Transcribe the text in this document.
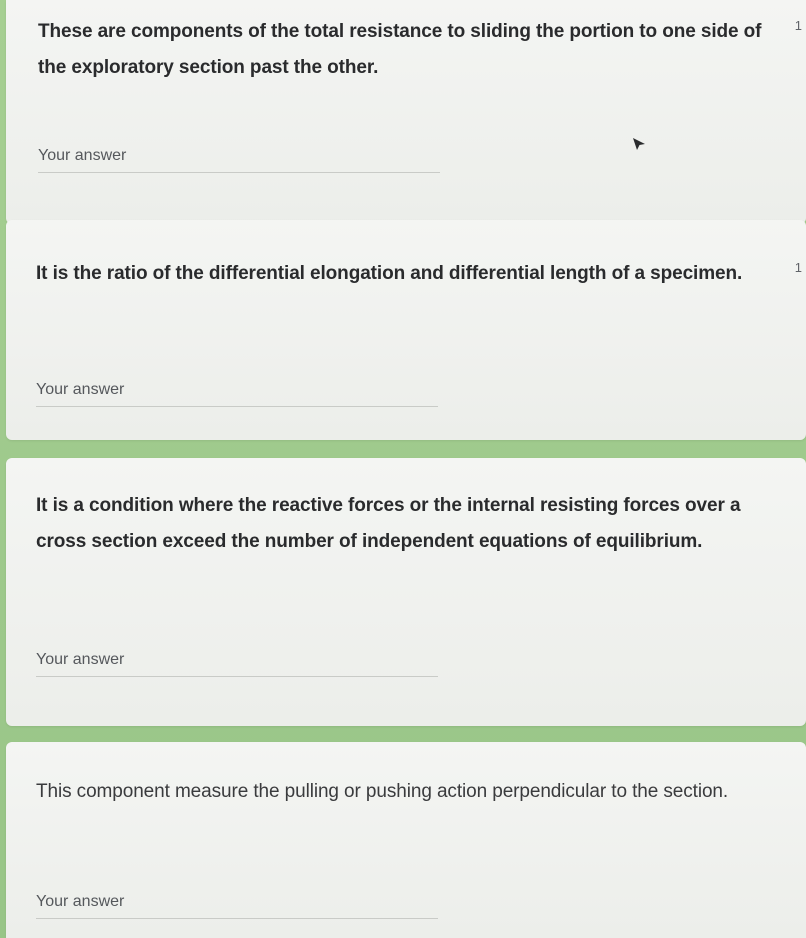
These are components of the total resistance to sliding the portion to one side of the exploratory section past the other.
1
Your answer
It is the ratio of the differential elongation and differential length of a specimen.	1
Your answer
It is a condition where the reactive forces or the internal resisting forces over a cross section exceed the number of independent equations of equilibrium.
Your answer
This component measure the pulling or pushing action perpendicular to the section.
Your answer
